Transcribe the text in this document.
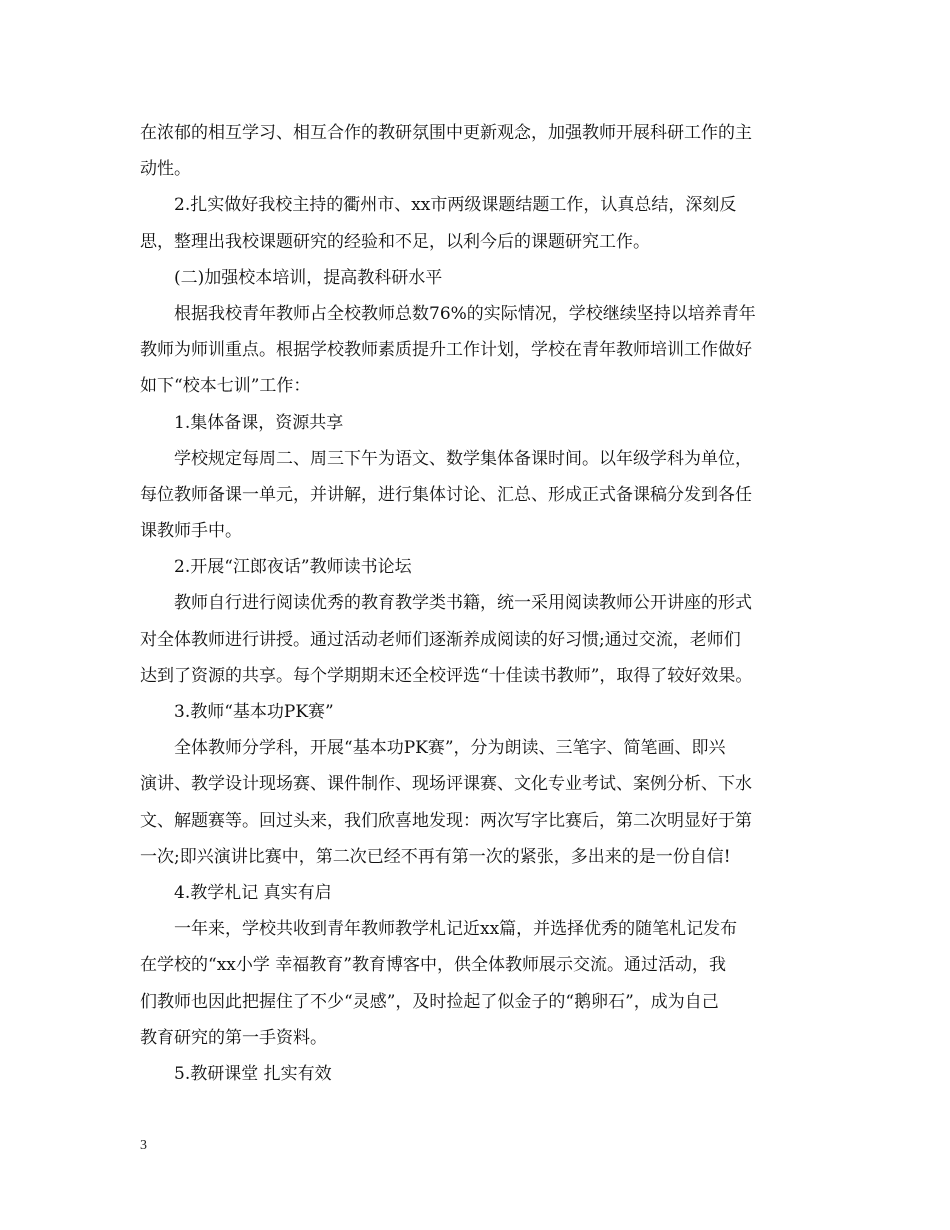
在浓郁的相互学习、相互合作的教研氛围中更新观念，加强教师开展科研工作的主
动性。
2.扎实做好我校主持的衢州市、xx市两级课题结题工作，认真总结，深刻反
思，整理出我校课题研究的经验和不足，以利今后的课题研究工作。
(二)加强校本培训，提高教科研水平
根据我校青年教师占全校教师总数76%的实际情况，学校继续坚持以培养青年
教师为师训重点。根据学校教师素质提升工作计划，学校在青年教师培训工作做好
如下“校本七训”工作：
1.集体备课，资源共享
学校规定每周二、周三下午为语文、数学集体备课时间。以年级学科为单位，
每位教师备课一单元，并讲解，进行集体讨论、汇总、形成正式备课稿分发到各任
课教师手中。
2.开展“江郎夜话”教师读书论坛
教师自行进行阅读优秀的教育教学类书籍，统一采用阅读教师公开讲座的形式
对全体教师进行讲授。通过活动老师们逐渐养成阅读的好习惯;通过交流，老师们
达到了资源的共享。每个学期期末还全校评选“十佳读书教师”，取得了较好效果。
3.教师“基本功PK赛”
全体教师分学科，开展“基本功PK赛”，分为朗读、三笔字、简笔画、即兴
演讲、教学设计现场赛、课件制作、现场评课赛、文化专业考试、案例分析、下水
文、解题赛等。回过头来，我们欣喜地发现：两次写字比赛后，第二次明显好于第
一次;即兴演讲比赛中，第二次已经不再有第一次的紧张，多出来的是一份自信!
4.教学札记 真实有启
一年来，学校共收到青年教师教学札记近xx篇，并选择优秀的随笔札记发布
在学校的“xx小学 幸福教育”教育博客中，供全体教师展示交流。通过活动，我
们教师也因此把握住了不少“灵感”，及时捡起了似金子的“鹅卵石”，成为自己
教育研究的第一手资料。
5.教研课堂 扎实有效
3
